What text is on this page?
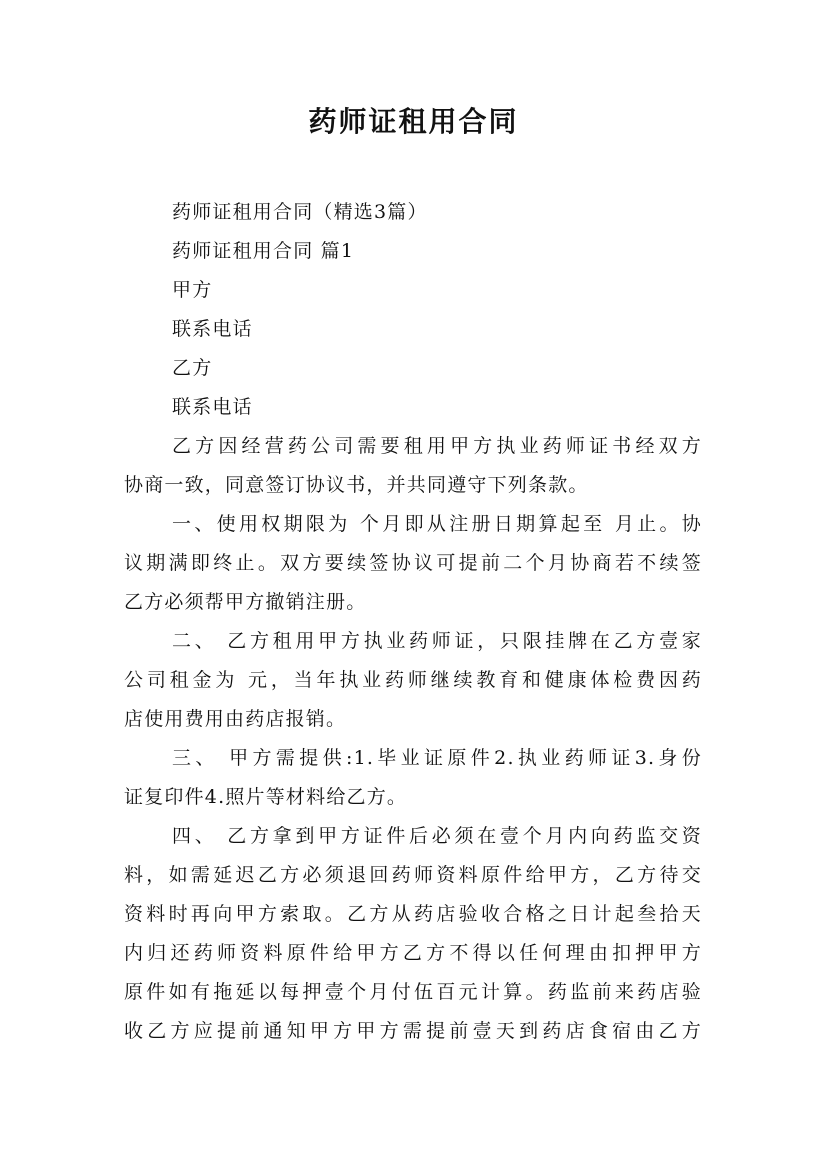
药师证租用合同

药师证租用合同（精选3篇）

药师证租用合同 篇1

甲方

联系电话

乙方

联系电话

乙方因经营药公司需要租用甲方执业药师证书经双方

协商一致，同意签订协议书，并共同遵守下列条款。

一、使用权期限为 个月即从注册日期算起至 月止。协

议期满即终止。双方要续签协议可提前二个月协商若不续签

乙方必须帮甲方撤销注册。

二、 乙方租用甲方执业药师证，只限挂牌在乙方壹家

公司租金为 元，当年执业药师继续教育和健康体检费因药

店使用费用由药店报销。

三、 甲方需提供:1.毕业证原件2.执业药师证3.身份

证复印件4.照片等材料给乙方。

四、 乙方拿到甲方证件后必须在壹个月内向药监交资

料，如需延迟乙方必须退回药师资料原件给甲方，乙方待交

资料时再向甲方索取。乙方从药店验收合格之日计起叁拾天

内归还药师资料原件给甲方乙方不得以任何理由扣押甲方

原件如有拖延以每押壹个月付伍百元计算。药监前来药店验

收乙方应提前通知甲方甲方需提前壹天到药店食宿由乙方
